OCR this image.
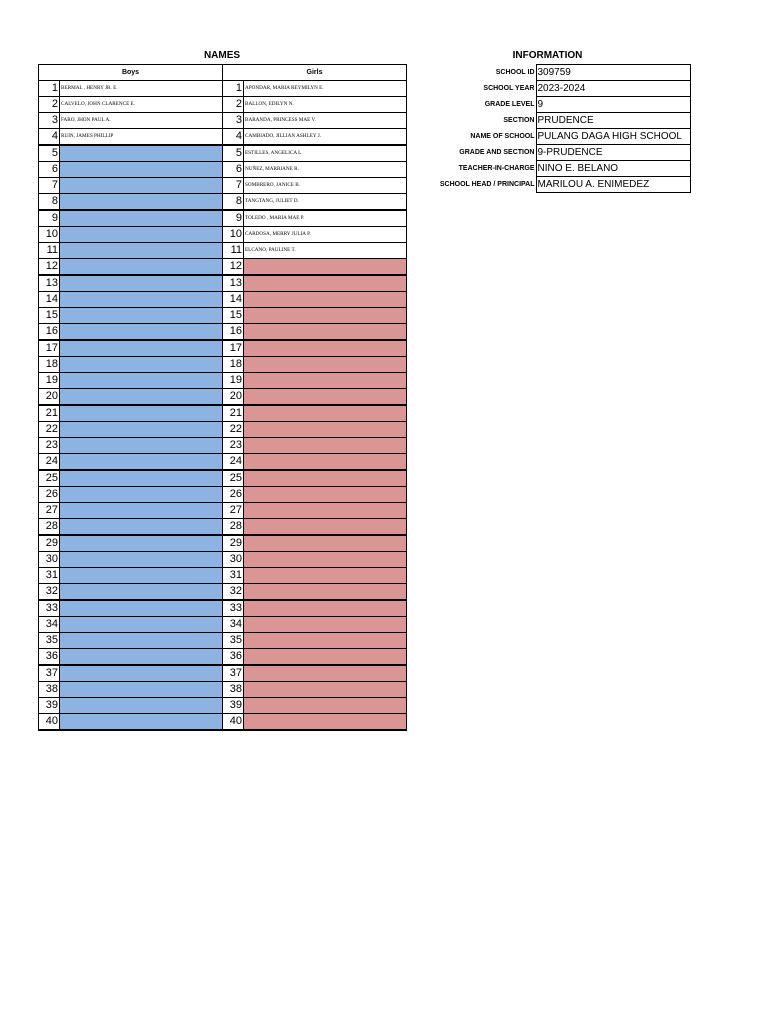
NAMES	INFORMATION
Boys		Girls	
1	BERMAL , HENRY JR. E.	1	APONDAR, MARIA REYMILYN E.
2	CALVELO, JOHN CLARENCE E.	2	BALLON, EDILYN N.
3	FARO, JHON PAUL A.	3	BARANDA, PRINCESS MAE V.
4	RUIN, JAMES PHILLIP	4	CAMBIADO, JILLIAN ASHLEY J.
5		5	ESTILLES, ANGELICA L.
6		6	NUÑEZ, MARRIANE R.
7		7	SOMBRERO, JANICE B.
8		8	TANGTANG, JULIET D.
9		9	TOLEDO , MARIA MAE P.
10		10	CARDOSA, MERRY JULIA P.
11		11	ELCANO, PAULINE T.
12		12	
13		13	
14		14	
15		15	
16		16	
17		17	
18		18	
19		19	
20		20	
21		21	
22		22	
23		23	
24		24	
25		25	
26		26	
27		27	
28		28	
29		29	
30		30	
31		31	
32		32	
33		33	
34		34	
35		35	
36		36	
37		37	
38		38	
39		39	
40		40	
SCHOOL ID	309759
SCHOOL YEAR	2023-2024
GRADE LEVEL	9
SECTION	PRUDENCE
NAME OF SCHOOL	PULANG DAGA HIGH SCHOOL
GRADE AND SECTION	9-PRUDENCE
TEACHER-IN-CHARGE	NINO E. BELANO
SCHOOL HEAD / PRINCIPAL	MARILOU A. ENIMEDEZ
